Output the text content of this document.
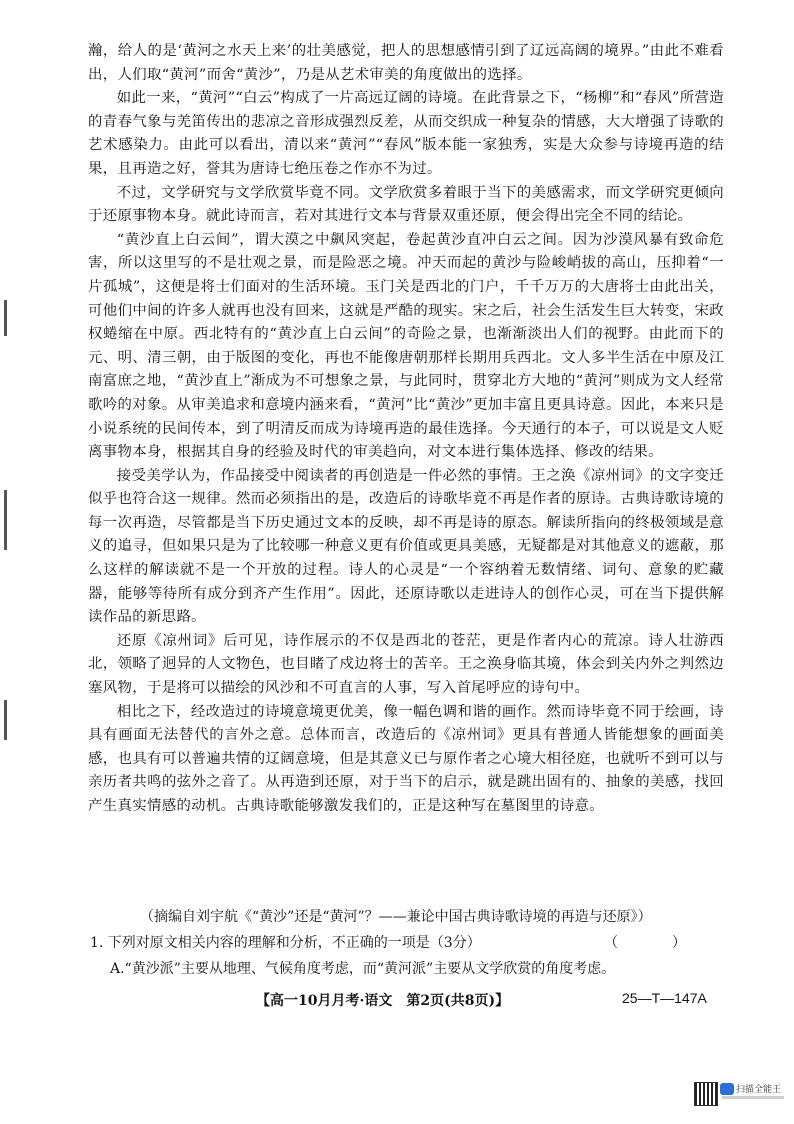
瀚，给人的是‘黄河之水天上来’的壮美感觉，把人的思想感情引到了辽远高阔的境界。”由此不难看出，人们取“黄河”而舍“黄沙”，乃是从艺术审美的角度做出的选择。

如此一来，“黄河”“白云”构成了一片高远辽阔的诗境。在此背景之下，“杨柳”和“春风”所营造的青春气象与羌笛传出的悲凉之音形成强烈反差，从而交织成一种复杂的情感，大大增强了诗歌的艺术感染力。由此可以看出，清以来“黄河”“春风”版本能一家独秀，实是大众参与诗境再造的结果，且再造之好，誉其为唐诗七绝压卷之作亦不为过。

不过，文学研究与文学欣赏毕竟不同。文学欣赏多着眼于当下的美感需求，而文学研究更倾向于还原事物本身。就此诗而言，若对其进行文本与背景双重还原，便会得出完全不同的结论。

“黄沙直上白云间”，谓大漠之中飙风突起，卷起黄沙直冲白云之间。因为沙漠风暴有致命危害，所以这里写的不是壮观之景，而是险恶之境。冲天而起的黄沙与险峻峭拔的高山，压抑着“一片孤城”，这便是将士们面对的生活环境。玉门关是西北的门户，千千万万的大唐将士由此出关，可他们中间的许多人就再也没有回来，这就是严酷的现实。宋之后，社会生活发生巨大转变，宋政权蜷缩在中原。西北特有的“黄沙直上白云间”的奇险之景，也渐渐淡出人们的视野。由此而下的元、明、清三朝，由于版图的变化，再也不能像唐朝那样长期用兵西北。文人多半生活在中原及江南富庶之地，“黄沙直上”渐成为不可想象之景，与此同时，贯穿北方大地的“黄河”则成为文人经常歌吟的对象。从审美追求和意境内涵来看，“黄河”比“黄沙”更加丰富且更具诗意。因此，本来只是小说系统的民间传本，到了明清反而成为诗境再造的最佳选择。今天通行的本子，可以说是文人贬离事物本身，根据其自身的经验及时代的审美趋向，对文本进行集体选择、修改的结果。

接受美学认为，作品接受中阅读者的再创造是一件必然的事情。王之涣《凉州词》的文字变迁似乎也符合这一规律。然而必须指出的是，改造后的诗歌毕竟不再是作者的原诗。古典诗歌诗境的每一次再造，尽管都是当下历史通过文本的反映，却不再是诗的原态。解读所指向的终极领域是意义的追寻，但如果只是为了比较哪一种意义更有价值或更具美感，无疑都是对其他意义的遮蔽，那么这样的解读就不是一个开放的过程。诗人的心灵是“一个容纳着无数情绪、词句、意象的贮藏器，能够等待所有成分到齐产生作用”。因此，还原诗歌以走进诗人的创作心灵，可在当下提供解读作品的新思路。

还原《凉州词》后可见，诗作展示的不仅是西北的苍茫，更是作者内心的荒凉。诗人壮游西北，领略了迥异的人文物色，也目睹了戍边将士的苦辛。王之涣身临其境，体会到关内外之判然边塞风物，于是将可以描绘的风沙和不可直言的人事，写入首尾呼应的诗句中。

相比之下，经改造过的诗境意境更优美，像一幅色调和谐的画作。然而诗毕竟不同于绘画，诗具有画面无法替代的言外之意。总体而言，改造后的《凉州词》更具有普通人皆能想象的画面美感，也具有可以普遍共情的辽阔意境，但是其意义已与原作者之心境大相径庭，也就听不到可以与亲历者共鸣的弦外之音了。从再造到还原，对于当下的启示，就是跳出固有的、抽象的美感，找回产生真实情感的动机。古典诗歌能够激发我们的，正是这种写在墓图里的诗意。

（摘编自刘宇航《“黄沙”还是“黄河”？——兼论中国古典诗歌诗境的再造与还原》）
1. 下列对原文相关内容的理解和分析，不正确的一项是（3分）	（　）
A.“黄沙派”主要从地理、气候角度考虑，而“黄河派”主要从文学欣赏的角度考虑。
【高一10月月考·语文　第2页(共8页)】	25—T—147A
扫描全能王
